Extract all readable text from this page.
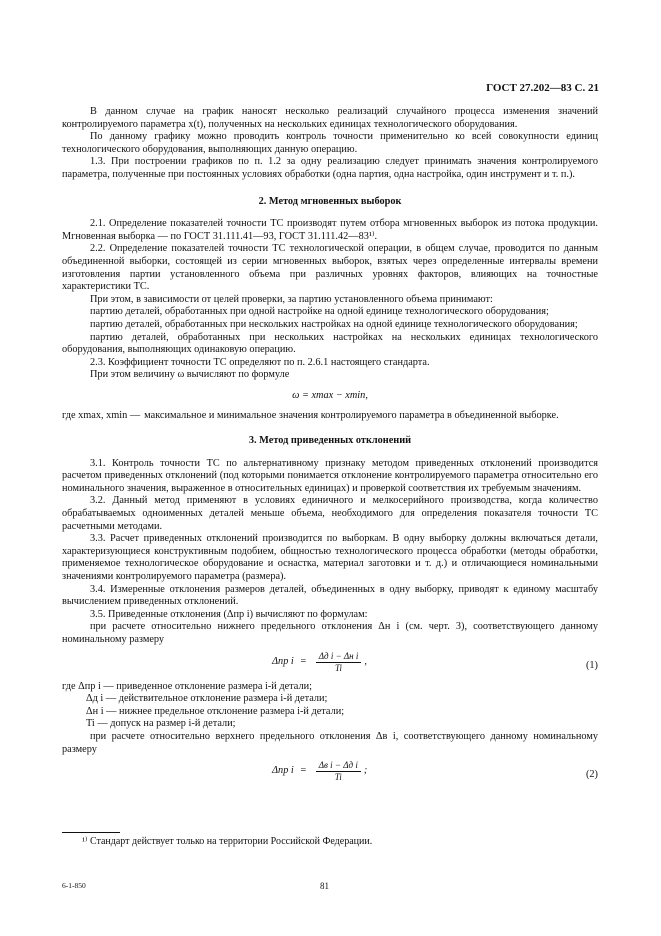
ГОСТ 27.202—83 С. 21

В данном случае на график наносят несколько реализаций случайного процесса изменения значений контролируемого параметра x(t), полученных на нескольких единицах технологического оборудования.

По данному графику можно проводить контроль точности применительно ко всей совокупности единиц технологического оборудования, выполняющих данную операцию.

1.3. При построении графиков по п. 1.2 за одну реализацию следует принимать значения контролируемого параметра, полученные при постоянных условиях обработки (одна партия, одна настройка, один инструмент и т. п.).

2. Метод мгновенных выборок

2.1. Определение показателей точности ТС производят путем отбора мгновенных выборок из потока продукции. Мгновенная выборка — по ГОСТ 31.111.41—93, ГОСТ 31.111.42—83¹⁾.

2.2. Определение показателей точности ТС технологической операции, в общем случае, проводится по данным объединенной выборки, состоящей из серии мгновенных выборок, взятых через определенные интервалы времени изготовления партии установленного объема при различных уровнях факторов, влияющих на точностные характеристики ТС.

При этом, в зависимости от целей проверки, за партию установленного объема принимают:

партию деталей, обработанных при одной настройке на одной единице технологического оборудования;

партию деталей, обработанных при нескольких настройках на одной единице технологического оборудования;

партию деталей, обработанных при нескольких настройках на нескольких единицах технологического оборудования, выполняющих одинаковую операцию.

2.3. Коэффициент точности ТС определяют по п. 2.6.1 настоящего стандарта.

При этом величину ω вычисляют по формуле

ω = xmax − xmin,

где xmax, xmin — максимальное и минимальное значения контролируемого параметра в объединенной выборке.
3. Метод приведенных отклонений

3.1. Контроль точности ТС по альтернативному признаку методом приведенных отклонений производится расчетом приведенных отклонений (под которыми понимается отклонение контролируемого параметра относительно его номинального значения, выраженное в относительных единицах) и проверкой соответствия их требуемым значениям.

3.2. Данный метод применяют в условиях единичного и мелкосерийного производства, когда количество обрабатываемых одноименных деталей меньше объема, необходимого для определения показателя точности ТС расчетными методами.

3.3. Расчет приведенных отклонений производится по выборкам. В одну выборку должны включаться детали, характеризующиеся конструктивным подобием, общностью технологического процесса обработки (методы обработки, применяемое технологическое оборудование и оснастка, материал заготовки и т. д.) и отличающиеся номинальными значениями контролируемого параметра (размера).

3.4. Измеренные отклонения размеров деталей, объединенных в одну выборку, приводят к единому масштабу вычислением приведенных отклонений.

3.5. Приведенные отклонения (Δпр i) вычисляют по формулам:

при расчете относительно нижнего предельного отклонения Δн i (см. черт. 3), соответствующего данному номинальному размеру

Δпр i =
Δд i − Δн i
Ti
,	(1)

где Δпр i — приведенное отклонение размера i-й детали;

Δд i — действительное отклонение размера i-й детали;

Δн i — нижнее предельное отклонение размера i-й детали;

Ti — допуск на размер i-й детали;

при расчете относительно верхнего предельного отклонения Δв i, соответствующего данному номинальному размеру

Δпр i =
Δв i − Δд i
Ti
;	(2)
¹⁾ Стандарт действует только на территории Российской Федерации.
6-1-850	81
